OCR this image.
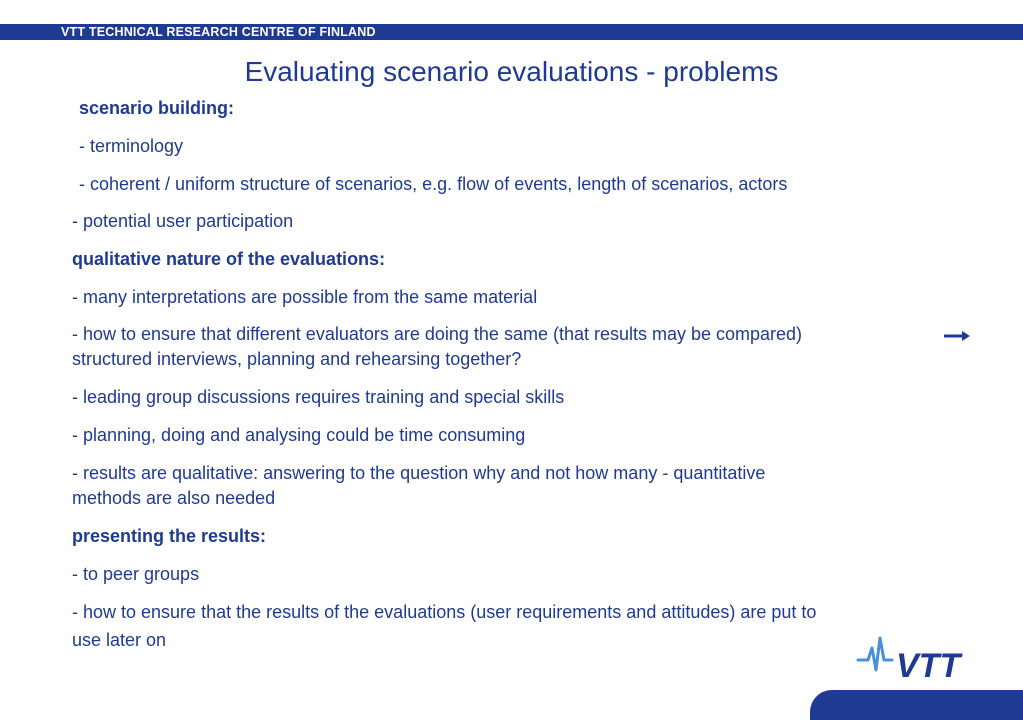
VTT TECHNICAL RESEARCH CENTRE OF FINLAND
Evaluating scenario evaluations - problems
scenario building:
- terminology
- coherent / uniform structure of scenarios, e.g. flow of events, length of scenarios, actors
- potential user participation
qualitative nature of the evaluations:
- many interpretations are possible from the same material
- how to ensure that different evaluators are doing the same (that results may be compared)
structured interviews, planning and rehearsing together?
- leading group discussions requires training and special skills
- planning, doing and analysing could be time consuming
- results are qualitative: answering to the question why and not how many - quantitative
methods are also needed
presenting the results:
- to peer groups
- how to ensure that the results of the evaluations (user requirements and attitudes) are put to
use later on
VTT
